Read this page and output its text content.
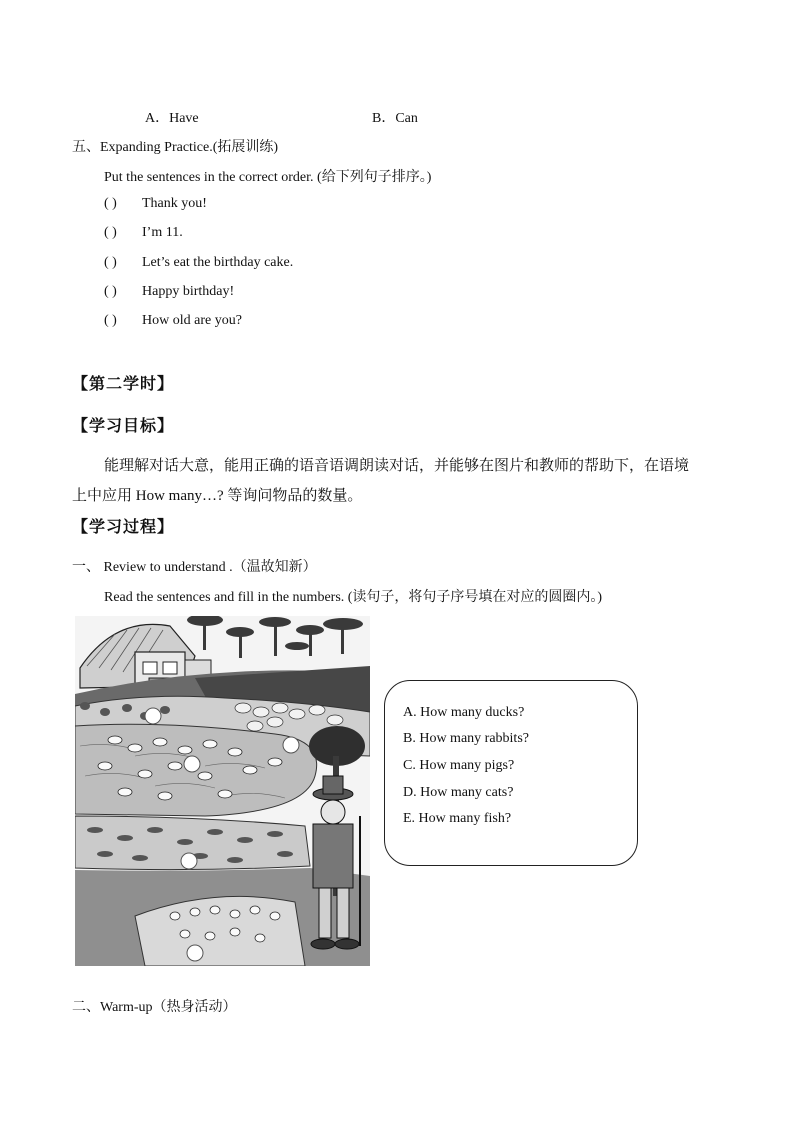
A．Have	B．Can
五、Expanding Practice.(拓展训练)
Put the sentences in the correct order. (给下列句子排序。)
( ) Thank you!
( ) I’m 11.
( ) Let’s eat the birthday cake.
( ) Happy birthday!
( ) How old are you?
【第二学时】
【学习目标】
能理解对话大意，能用正确的语音语调朗读对话，并能够在图片和教师的帮助下，在语境
上中应用 How many…? 等询问物品的数量。
【学习过程】
一、 Review to understand .（温故知新）
Read the sentences and fill in the numbers. (读句子，将句子序号填在对应的圆圈内。)
A. How many ducks?
B. How many rabbits?
C. How many pigs?
D. How many cats?
E. How many fish?
二、Warm-up（热身活动）
